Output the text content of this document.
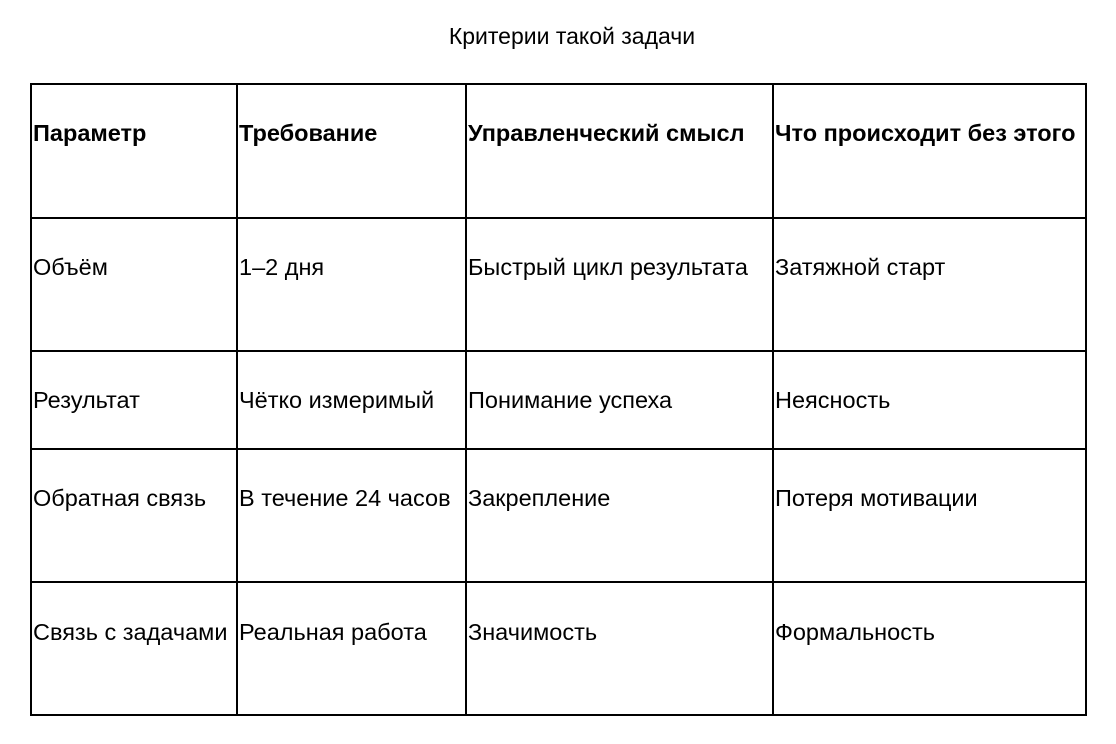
Критерии такой задачи
Параметр	Требование	Управленческий смысл	Что происходит без этого
Объём	1–2 дня	Быстрый цикл результата	Затяжной старт
Результат	Чётко измеримый	Понимание успеха	Неясность
Обратная связь	В течение 24 часов	Закрепление	Потеря мотивации
Связь с задачами	Реальная работа	Значимость	Формальность
